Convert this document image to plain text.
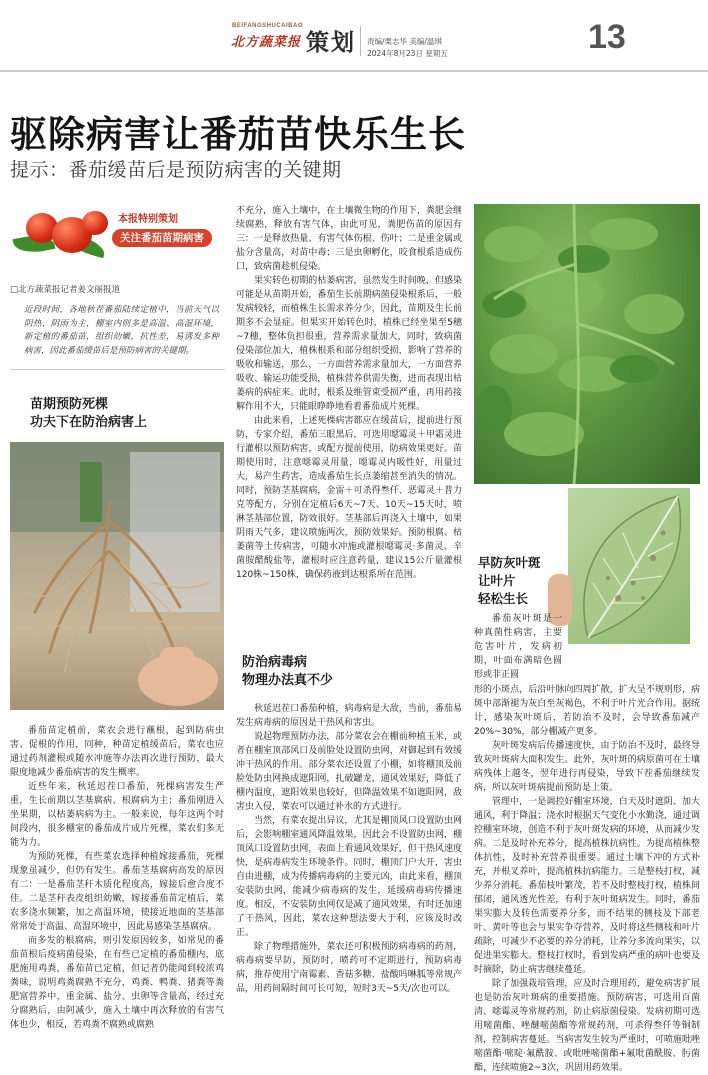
BEIFANGSHUCAIBAO
北方蔬菜报 策划 责编/栗志华 美编/温琪
2024年8月23日 星期五	13
驱除病害让番茄苗快乐生长
提示：番茄缓苗后是预防病害的关键期
本报特别策划
关注番茄苗期病害
□北方蔬菜报记者姜文丽报道
近段时间，各地秋茬番茄陆续定植中，当前天气以阴热、阴雨为主，棚室内则多是高温、高湿环境，新定植的番茄苗，组织幼嫩，抗性差，易诱发多种病害，因此番茄缓苗后是预防病害的关键期。
苗期预防死棵
功夫下在防治病害上

番茄苗定植前，菜农会进行蘸根，起到防病虫害、促根的作用，同种，种苗定植缓苗后，菜农也应通过药剂灌根或随水冲施等办法再次进行预防，最大限度地减少番茄病害的发生概率。

近些年来，秋延迟茬口番茄，死棵病害发生严重，生长前期以茎基腐病、根腐病为主；番茄刚进入坐果期，以枯萎病病为主。一般来说，每年这两个时间段内，很多棚室的番茄成片成片死棵，菜农们多无能为力。

为预防死棵，有些菜农选择种植嫁接番茄，死棵现象虽减少，但仍有发生。番茄茎基腐病高发的原因有二：一是番茄茎秆木质化程度高，嫁接后愈合度不佳。二是茎秆表皮组织幼嫩，嫁接番茄苗定植后，菜农多浇水频繁，加之高温环境，使接近地面的茎基部常常处于高温、高湿环境中，因此易感染茎基腐病。

而多发的根腐病，则引发原因较多，如常见的番茄苗根后疫病菌侵染，在有些已定植的番茄棚内，底肥施用鸡粪，番茄苗已定植，但记者仍能闻到较浓鸡粪味，说明鸡粪腐熟不充分，鸡粪、鸭粪、猪粪等粪肥富营养中，重金属、盐分、虫卵等含量高，经过充分腐熟后，由阿减少，施入土壤中再次释放的有害气体也少，相反，若鸡粪不腐熟或腐熟

不充分，施入土壤中，在土壤微生物的作用下，粪肥会继续腐熟，释放有害气体，由此可见，粪肥伤苗的原因有三：一是释放热量、有害气体伤根、伤叶；二是重金属或盐分含量高，对苗中毒；三是虫卵孵化，咬食根系造成伤口，致病菌趁机侵染。

果实转色初期的枯萎病害，虽然发生时间晚，但感染可能是从苗期开始，番茄生长前期病菌侵染根系后，一般发病较轻，而植株生长需求养分少，因此，苗期及生长前期多不会显症。但果实开始转色时，植株已经坐果至5穗~7穗，整体负担很重，营养需求量加大，同时，致病菌侵染部位加大，植株根系和部分组织受损，影响了营养的吸收和输送，那么，一方面营养需求量加大，一方面营养吸收、输运功能受损，植株营养供需失衡，进而表现出枯萎病的病症来。此时，根系及维管束受损严重，再用药接解作用不大，只能眼睁睁地看着番茄成片死棵。

由此来看，上述死棵病害都应在缓苗后，提前进行预防，专家介绍，番茄三眼黑后，可选用噁霉灵＋甲霜灵进行灌根以预防病害，或配方提前使用，防病效果更好。苗期使用时，注意噁霉灵用量，噁霉灵内吸性好，用量过大，易产生药害，造成番茄生长点萎缩甚至消失的情况。同时，预防茎基腐病，金雷＋可杀得叁仟、恶霉灵＋普力克等配方，分别在定植后6天~7天、10天~15天时，喷淋茎基部位置，防效很好。茎基部后再浇入土壤中，如果阴雨天气多，建议喷施两次，预防效果好。预防根腐、枯萎菌等土传病害，可随水冲施或灌根噁霉灵·多菌灵、辛菌胺醋酸盐等，灌根时应注意药量，建议15公斤量灌根120株~150株，确保药液到达根系所在范围。

防治病毒病
物理办法真不少

秋延迟茬口番茄种植，病毒病是大敌，当前，番茄易发生病毒病的原因是干热风和害虫。

说起物理预防办法，部分菜农会在棚前种植玉米，或者在棚室顶部风口及前脸处设置防虫网，对御起到有效缓冲干热风的作用。部分菜农还设置了小棚，如将棚顶及前脸处防虫网换成遮阳网，扎破罐龙，通风效果好，降低了棚内温度，遮阳效果也较好，但降温效果不如遮阳网，敌害虫入侵，菜农可以通过补水的方式进行。

当然，有菜农提出异议，尤其是棚顶风口设置防虫网后，会影响棚室通风降温效果，因此会不设置防虫网，棚顶风口设置防虫网，表面上看通风效果好，但干热风速度快，是病毒病发生环境条件。同时，棚顶门户大开，害虫自由进棚，成为传播病毒病的主要元凶，由此来看，棚顶安装防虫网，能减少病毒病的发生，延缓病毒病传播速度。相反，不安装防虫网仅是减了通风效果，有时还加速了干热风，因此，菜农这种想法要大于利，应该及时改正。

除了物理措施外，菜农还可积极预防病毒病的药剂，病毒病要早防，预防时，喷药可不定期进行，预防病毒病，推荐使用宁南霉素、香菇多糖、盐酸吗啉胍等常规产品，用药间隔时间可长可短，短时3天~5天/次也可以。

早防灰叶斑
让叶片
轻松生长

番茄灰叶斑是一种真菌性病害，主要危害叶片，发病初期，叶面布满暗色圆形或非正圆

形的小斑点，后沿叶脉向四周扩散，扩大呈不规则形，病斑中部渐褪为灰白至灰褐色，不利于叶片光合作用。据统计，感染灰叶斑后，若防治不及时，会导致番茄减产20%~30%，部分棚减产更多。

灰叶斑发病后传播速度快，由于防治不及时，最终导致灰叶斑病大面积发生。此外，灰叶斑的病原菌可在土壤病残体上越冬，翌年进行再侵染，导致下茬番茄继续发病，所以灰叶斑病提前预防是上策。

管理中，一是调控好棚室环境，白天及时遮阴、加大通风，利于降温；浇水时根据天气变化小水勤浇，通过调控棚室环境，创造不利于灰叶斑发病的环境，从而减少发病。二是及时补充养分，提高植株抗病性。为提高植株整体抗性，及时补充营养很重要。通过土壤下冲的方式补充，并根叉养叶，提高植株抗病能力。三是整枝打杈，减少养分消耗。番茄枝叶繁茂，若不及时整枝打杈，植株间郁闭，通风透光性差，有利于灰叶斑病发生。同时，番茄果实膨大及转色需要养分多，而不结果的侧枝及下部老叶、黄叶等也会与果实争夺营养，及时将这些侧枝和叶片疏除，可减少不必要的养分消耗，让养分多流向果实，以促进果实膨大。整枝打杈时，看到发病严重的病叶也要及时摘除，防止病害继续蔓延。

除了加强栽培管理，应及时合理用药，避免病害扩展也是防治灰叶斑病的重要措施。预防病害，可选用百菌清、噁霉灵等常规药剂，防止病原菌侵染。发病初期可选用嘧菌酯、唑醚嘧菌酯等常规药剂，可杀得叁仟等铜制剂，控制病害蔓延。当病害发生较为严重时，可喷施吡唑嘧菌酯·嘧啶·氟酰胺、或吡唑嘧菌酯+氟吡菌酰胺、肟菌酯，连续喷施2~3次，巩固用药效果。
